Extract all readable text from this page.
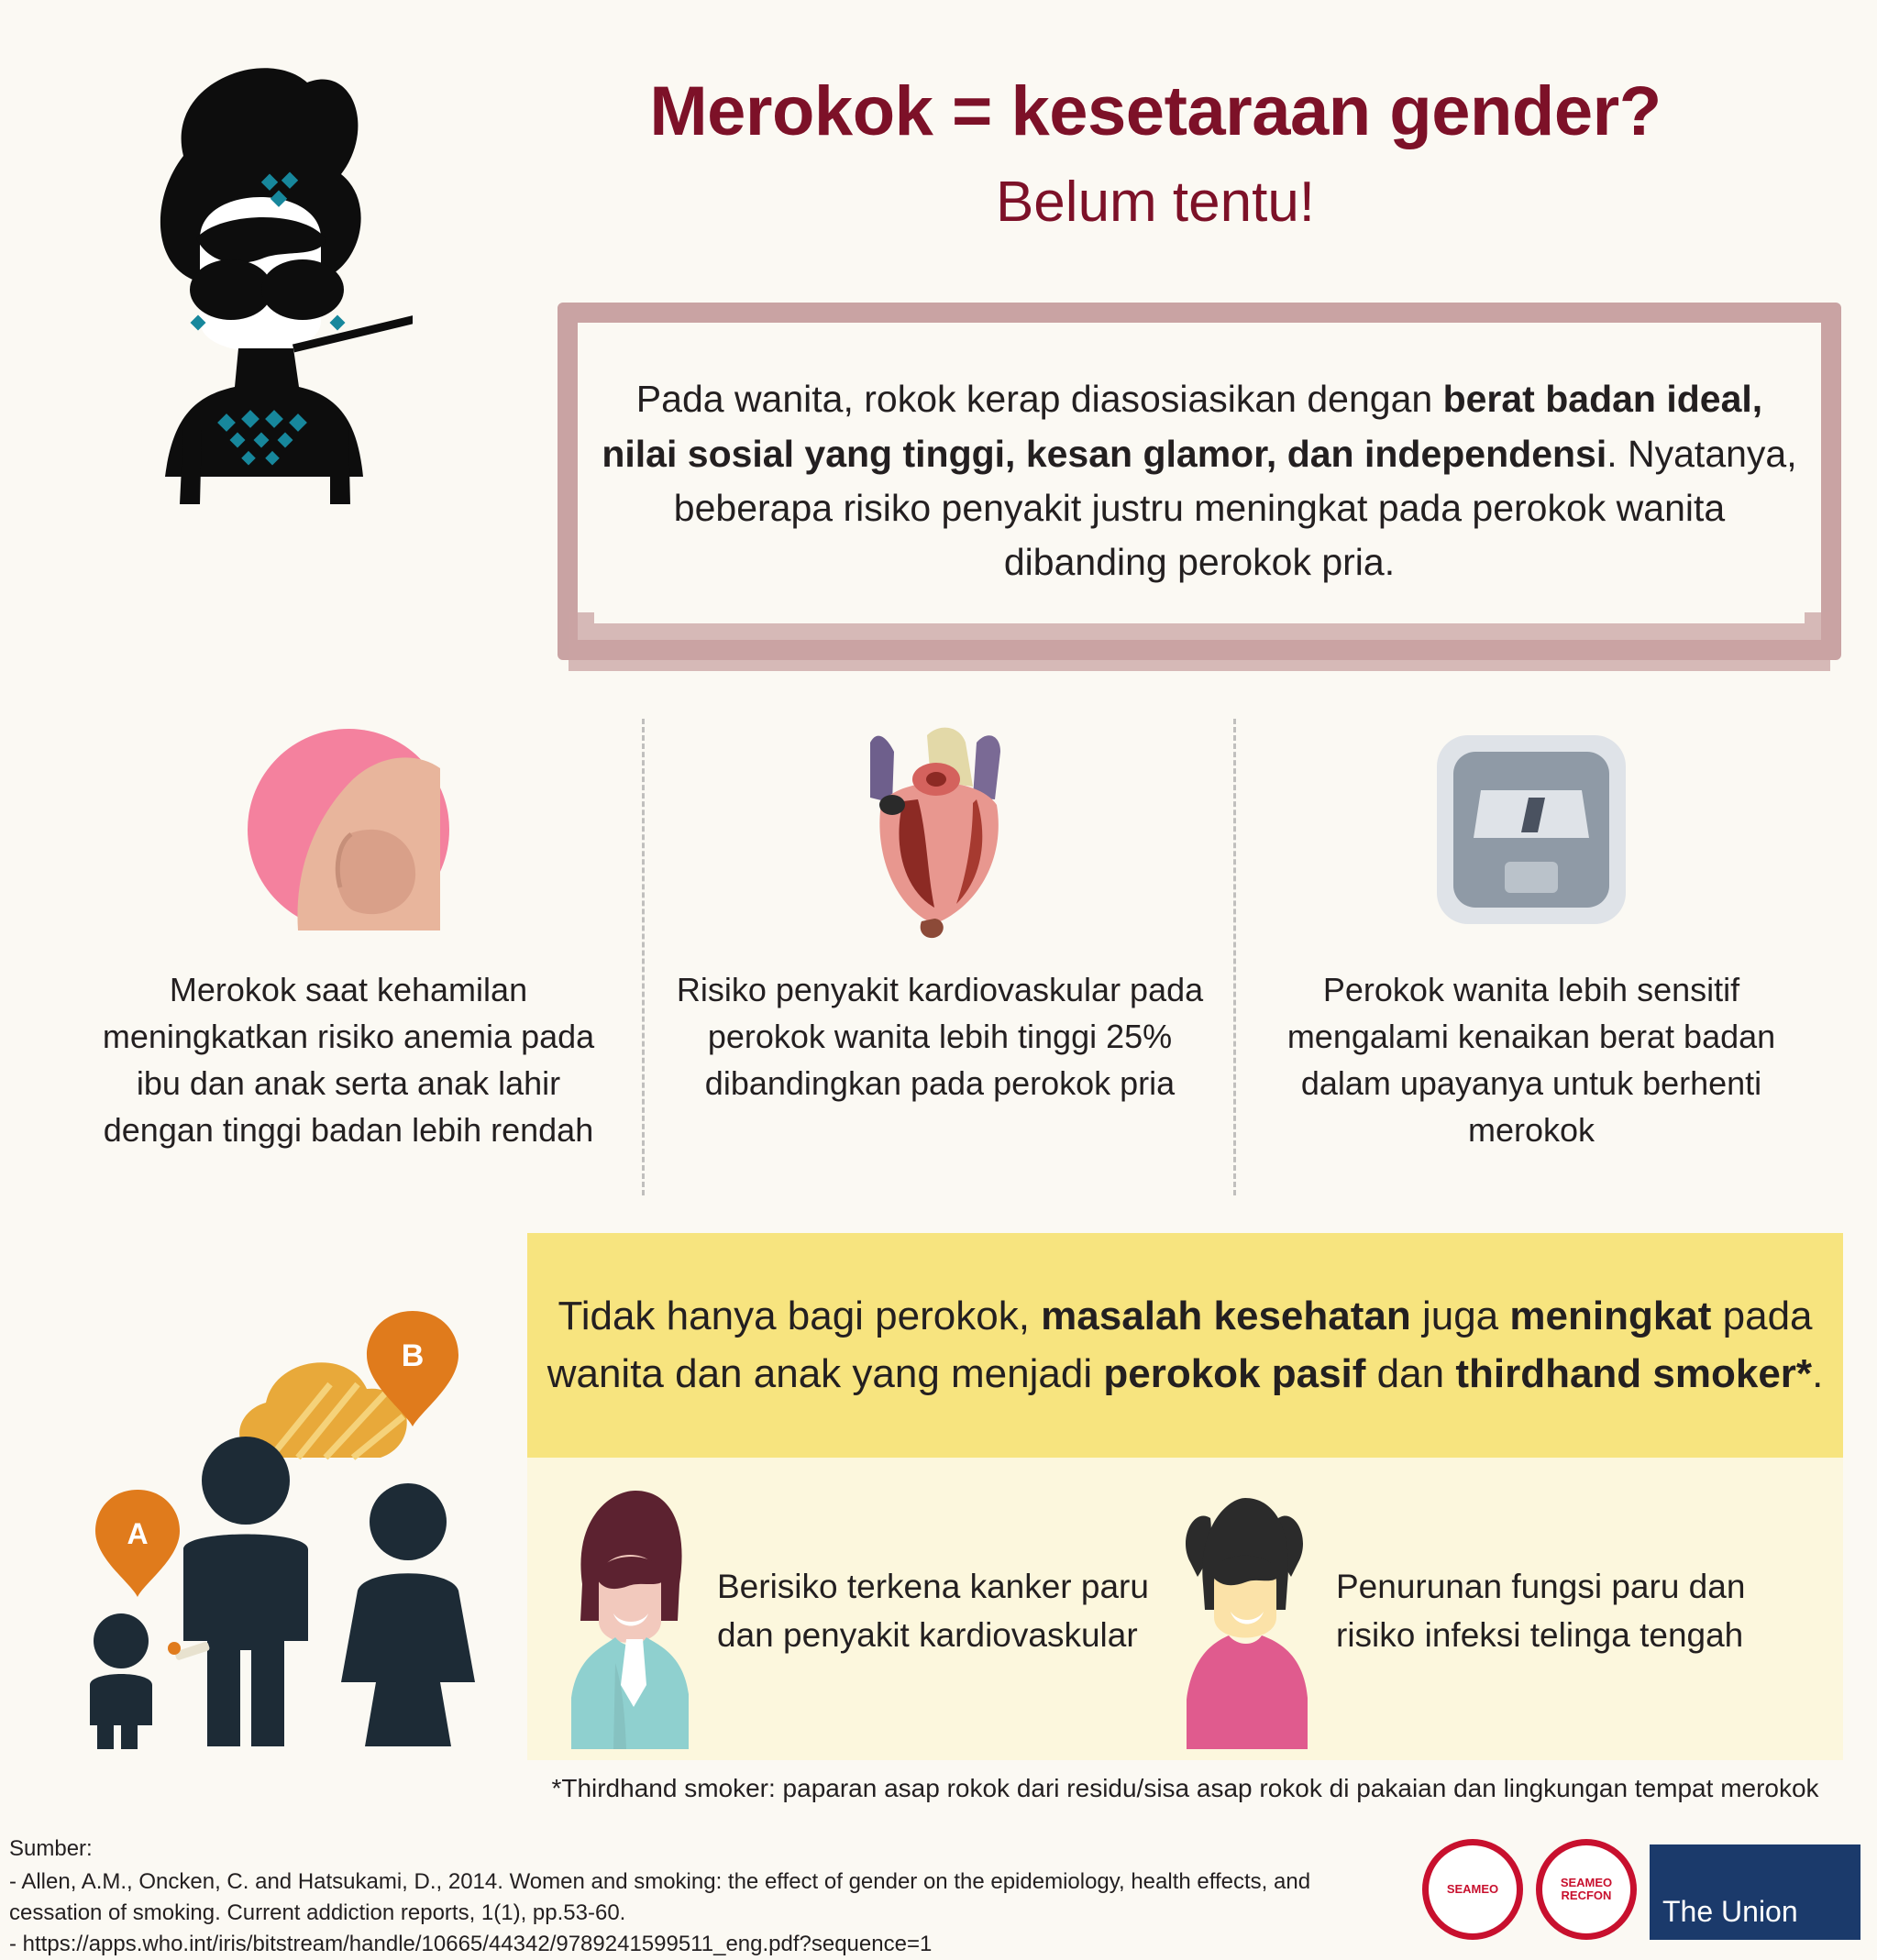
Merokok = kesetaraan gender?
Belum tentu!

Pada wanita, rokok kerap diasosiasikan dengan berat badan ideal, nilai sosial yang tinggi, kesan glamor, dan independensi. Nyatanya, beberapa risiko penyakit justru meningkat pada perokok wanita dibanding perokok pria.

Merokok saat kehamilan meningkatkan risiko anemia pada ibu dan anak serta anak lahir dengan tinggi badan lebih rendah

Risiko penyakit kardiovaskular pada perokok wanita lebih tinggi 25% dibandingkan pada perokok pria

Perokok wanita lebih sensitif mengalami kenaikan berat badan dalam upayanya untuk berhenti merokok

B
A

Tidak hanya bagi perokok, masalah kesehatan juga meningkat pada wanita dan anak yang menjadi perokok pasif dan thirdhand smoker*.

Berisiko terkena kanker paru dan penyakit kardiovaskular

Penurunan fungsi paru dan risiko infeksi telinga tengah

*Thirdhand smoker: paparan asap rokok dari residu/sisa asap rokok di pakaian dan lingkungan tempat merokok
Sumber:
- Allen, A.M., Oncken, C. and Hatsukami, D., 2014. Women and smoking: the effect of gender on the epidemiology, health effects, and
cessation of smoking. Current addiction reports, 1(1), pp.53-60.
- https://apps.who.int/iris/bitstream/handle/10665/44342/9789241599511_eng.pdf?sequence=1
SEAMEO	SEAMEO RECFON	The Union
